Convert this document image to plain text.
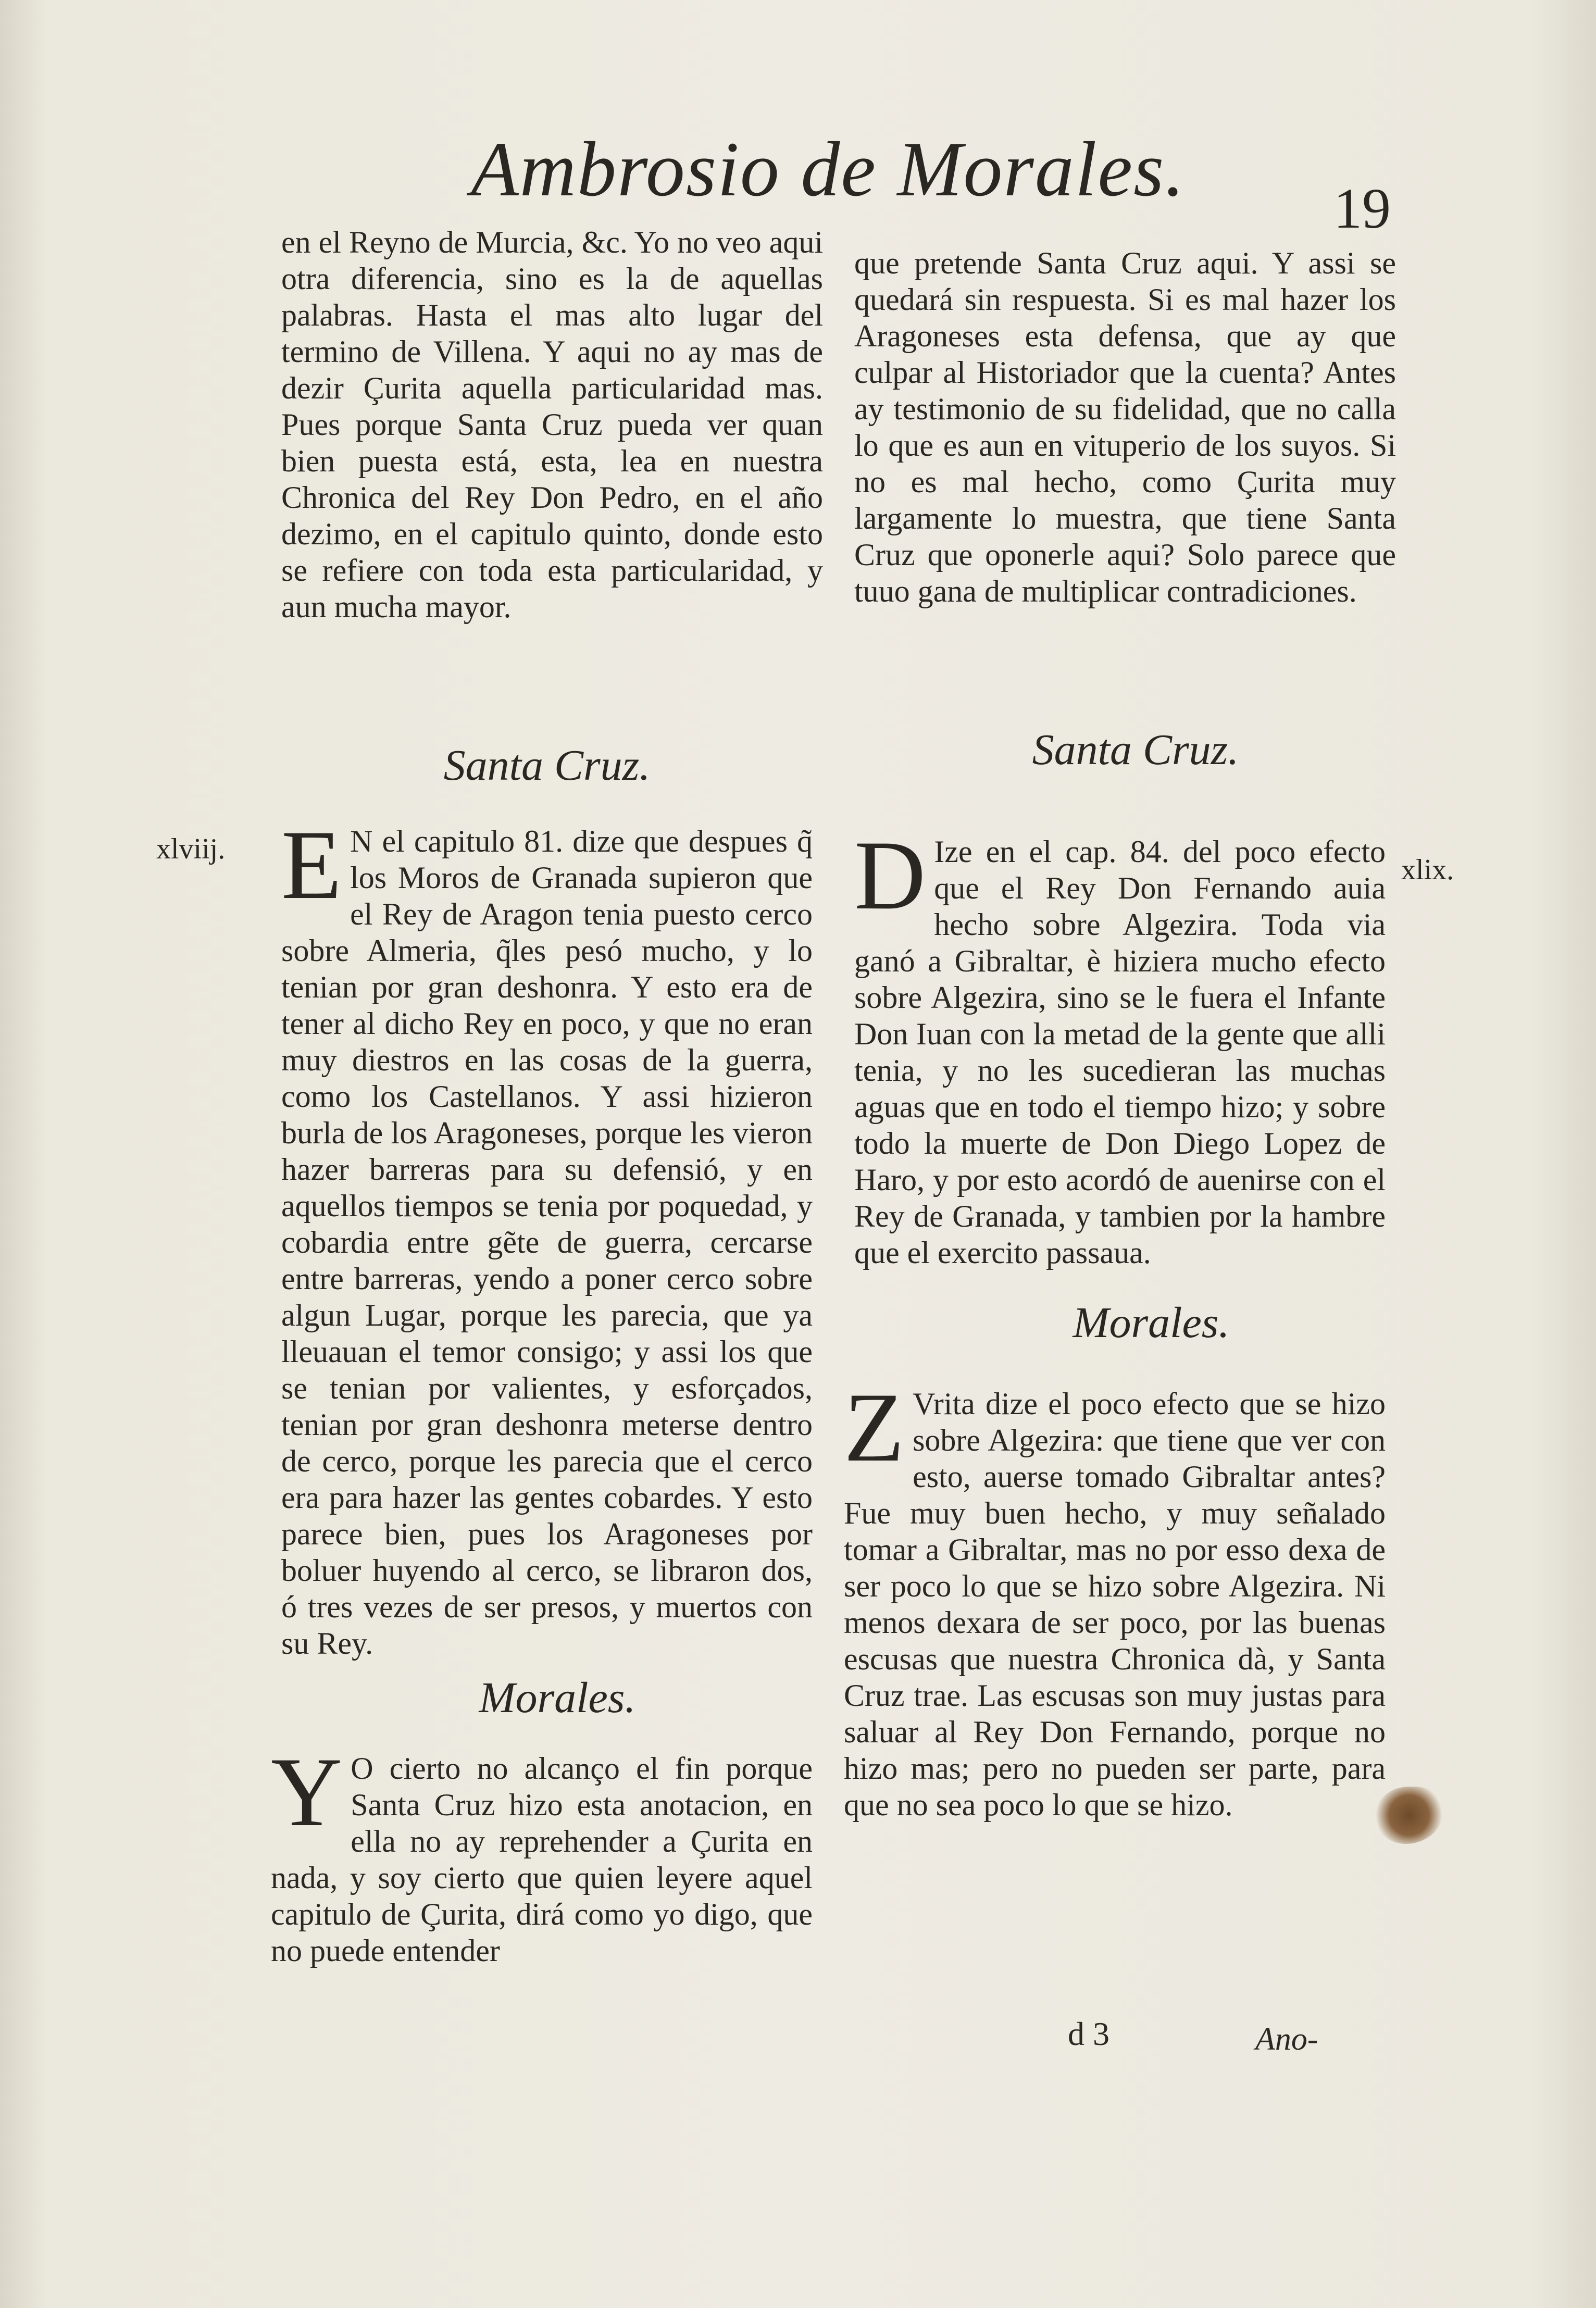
Ambrosio de Morales.	19

en el Reyno de Murcia, &c. Yo no veo aqui otra diferencia, sino es la de aquellas palabras. Hasta el mas alto lugar del termino de Villena. Y aqui no ay mas de dezir Çurita aquella particularidad mas. Pues porque Santa Cruz pueda ver quan bien puesta está, esta, lea en nuestra Chronica del Rey Don Pedro, en el año dezimo, en el capitulo quinto, donde esto se refiere con toda esta particularidad, y aun mucha mayor.

que pretende Santa Cruz aqui. Y assi se quedará sin respuesta. Si es mal hazer los Aragoneses esta defensa, que ay que culpar al Historiador que la cuenta? Antes ay testimonio de su fidelidad, que no calla lo que es aun en vituperio de los suyos. Si no es mal hecho, como Çurita muy largamente lo muestra, que tiene Santa Cruz que oponerle aqui? Solo parece que tuuo gana de multiplicar contradiciones.

Santa Cruz.	Santa Cruz.
xlviij.
xlix.
E N el capitulo 81. dize que despues q̃ los Moros de Granada supieron que el Rey de Aragon tenia puesto cerco sobre Almeria, q̃les pesó mucho, y lo tenian por gran deshonra. Y esto era de tener al dicho Rey en poco, y que no eran muy diestros en las cosas de la guerra, como los Castellanos. Y assi hizieron burla de los Aragoneses, porque les vieron hazer barreras para su defensió, y en aquellos tiempos se tenia por poquedad, y cobardia entre gẽte de guerra, cercarse entre barreras, yendo a poner cerco sobre algun Lugar, porque les parecia, que ya lleuauan el temor consigo; y assi los que se tenian por valientes, y esforçados, tenian por gran deshonra meterse dentro de cerco, porque les parecia que el cerco era para hazer las gentes cobardes. Y esto parece bien, pues los Aragoneses por boluer huyendo al cerco, se libraron dos, ó tres vezes de ser presos, y muertos con su Rey.

D Ize en el cap. 84. del poco efecto que el Rey Don Fernando auia hecho sobre Algezira. Toda via ganó a Gibraltar, è hiziera mucho efecto sobre Algezira, sino se le fuera el Infante Don Iuan con la metad de la gente que alli tenia, y no les sucedieran las muchas aguas que en todo el tiempo hizo; y sobre todo la muerte de Don Diego Lopez de Haro, y por esto acordó de auenirse con el Rey de Granada, y tambien por la hambre que el exercito passaua.

Morales.
Z Vrita dize el poco efecto que se hizo sobre Algezira: que tiene que ver con esto, auerse tomado Gibraltar antes? Fue muy buen hecho, y muy señalado tomar a Gibraltar, mas no por esso dexa de ser poco lo que se hizo sobre Algezira. Ni menos dexara de ser poco, por las buenas escusas que nuestra Chronica dà, y Santa Cruz trae. Las escusas son muy justas para saluar al Rey Don Fernando, porque no hizo mas; pero no pueden ser parte, para que no sea poco lo que se hizo.

Morales.
Y O cierto no alcanço el fin porque Santa Cruz hizo esta anotacion, en ella no ay reprehender a Çurita en nada, y soy cierto que quien leyere aquel capitulo de Çurita, dirá como yo digo, que no puede entender

d 3	Ano-
